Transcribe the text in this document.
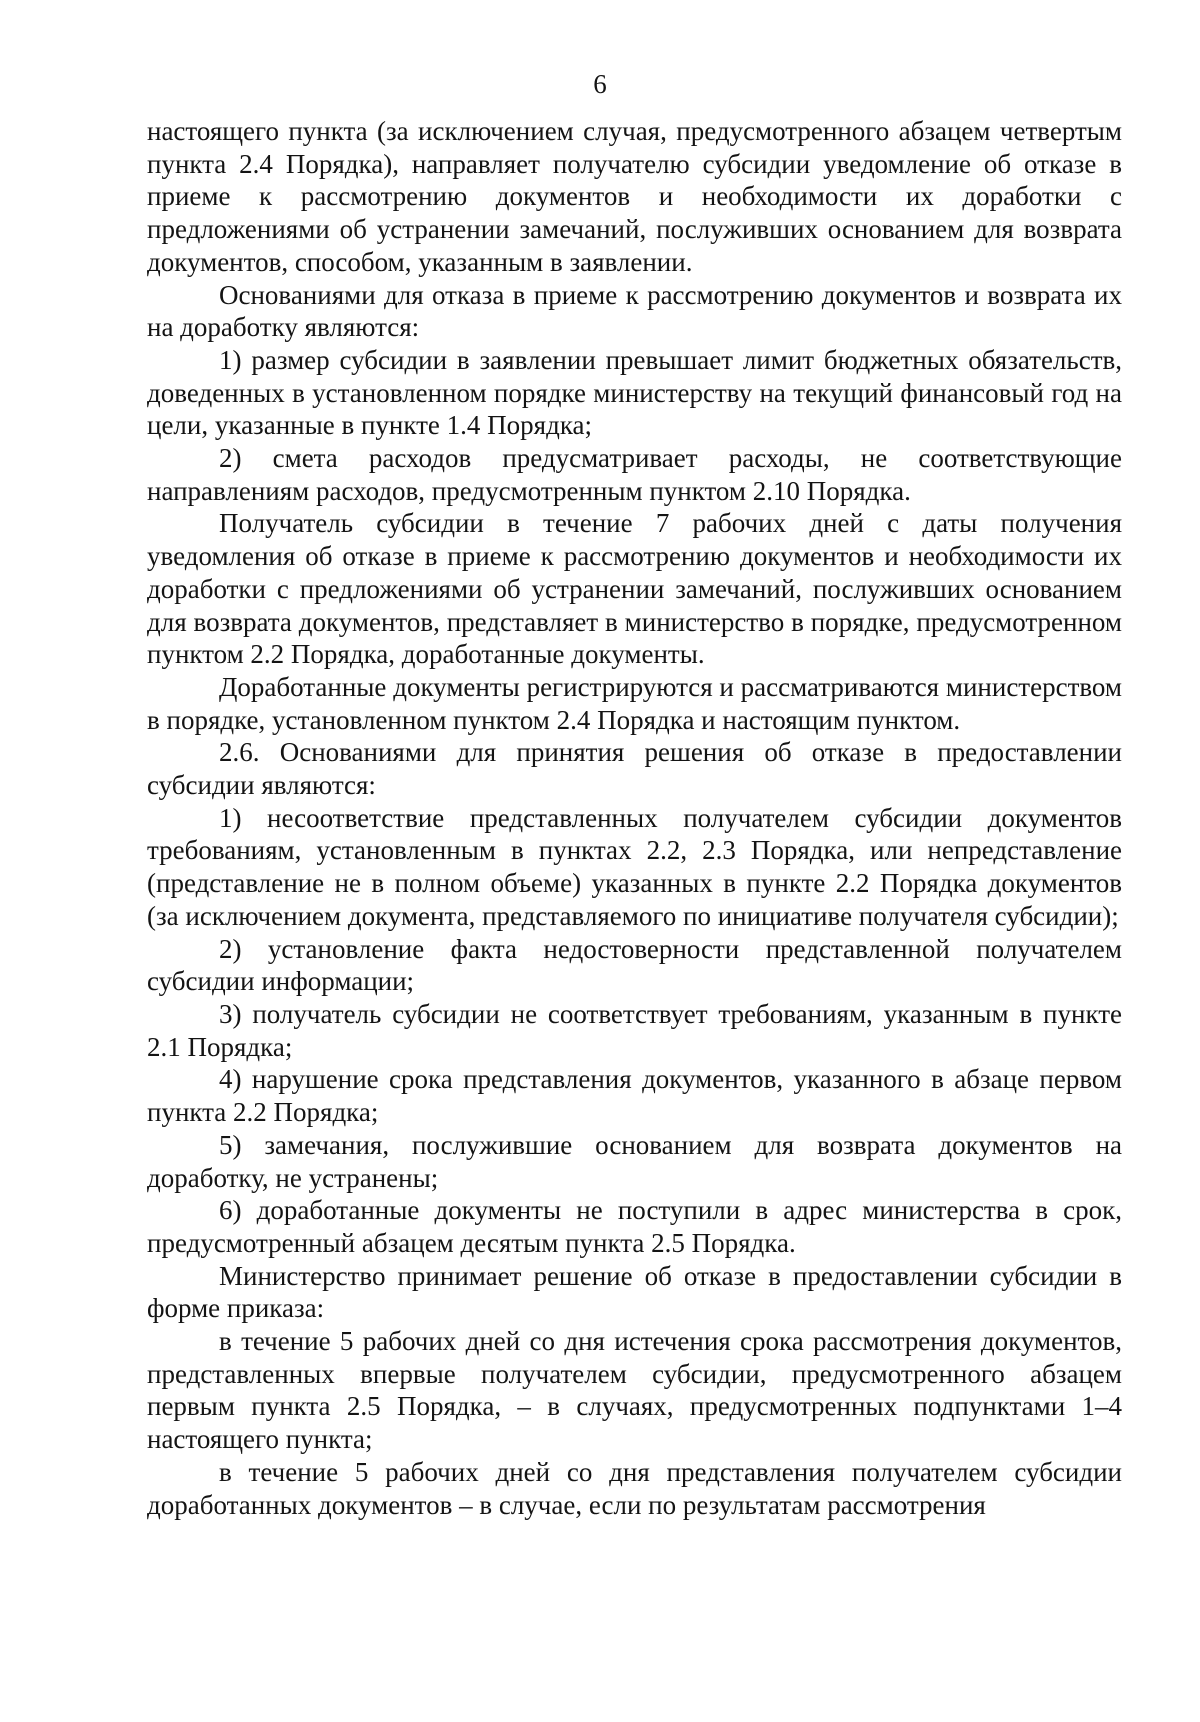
6

настоящего пункта (за исключением случая, предусмотренного абзацем четвертым пункта 2.4 Порядка), направляет получателю субсидии уведомление об отказе в приеме к рассмотрению документов и необходимости их доработки с предложениями об устранении замечаний, послуживших основанием для возврата документов, способом, указанным в заявлении.

Основаниями для отказа в приеме к рассмотрению документов и возврата их на доработку являются:

1) размер субсидии в заявлении превышает лимит бюджетных обязательств, доведенных в установленном порядке министерству на текущий финансовый год на цели, указанные в пункте 1.4 Порядка;

2) смета расходов предусматривает расходы, не соответствующие направлениям расходов, предусмотренным пунктом 2.10 Порядка.

Получатель субсидии в течение 7 рабочих дней с даты получения уведомления об отказе в приеме к рассмотрению документов и необходимости их доработки с предложениями об устранении замечаний, послуживших основанием для возврата документов, представляет в министерство в порядке, предусмотренном пунктом 2.2 Порядка, доработанные документы.

Доработанные документы регистрируются и рассматриваются министерством в порядке, установленном пунктом 2.4 Порядка и настоящим пунктом.

2.6. Основаниями для принятия решения об отказе в предоставлении субсидии являются:

1) несоответствие представленных получателем субсидии документов требованиям, установленным в пунктах 2.2, 2.3 Порядка, или непредставление (представление не в полном объеме) указанных в пункте 2.2 Порядка документов (за исключением документа, представляемого по инициативе получателя субсидии);

2) установление факта недостоверности представленной получателем субсидии информации;

3) получатель субсидии не соответствует требованиям, указанным в пункте 2.1 Порядка;

4) нарушение срока представления документов, указанного в абзаце первом пункта 2.2 Порядка;

5) замечания, послужившие основанием для возврата документов на доработку, не устранены;

6) доработанные документы не поступили в адрес министерства в срок, предусмотренный абзацем десятым пункта 2.5 Порядка.

Министерство принимает решение об отказе в предоставлении субсидии в форме приказа:

в течение 5 рабочих дней со дня истечения срока рассмотрения документов, представленных впервые получателем субсидии, предусмотренного абзацем первым пункта 2.5 Порядка, – в случаях, предусмотренных подпунктами 1–4 настоящего пункта;

в течение 5 рабочих дней со дня представления получателем субсидии доработанных документов – в случае, если по результатам рассмотрения
